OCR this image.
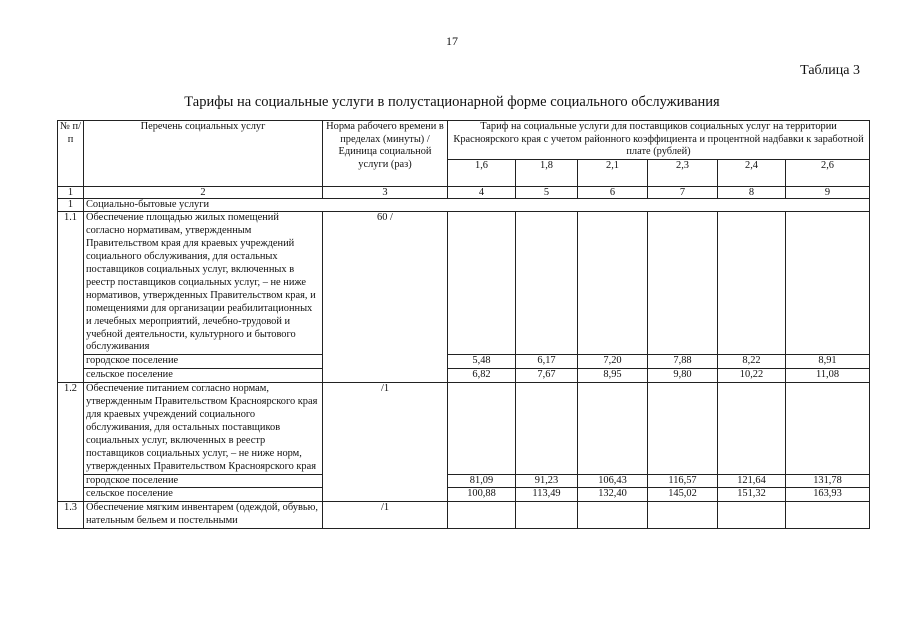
17
Таблица 3
Тарифы на социальные услуги в полустационарной форме социального обслуживания
№ п/п	Перечень социальных услуг	Норма рабочего времени в пределах (минуты) / Единица социальной услуги (раз)	Тариф на социальные услуги для поставщиков социальных услуг на территории Красноярского края с учетом районного коэффициента и процентной надбавки к заработной плате (рублей)					
			1,6	1,8	2,1	2,3	2,4	2,6
1	2	3	4	5	6	7	8	9
1	Социально-бытовые услуги							
1.1	Обеспечение площадью жилых помещений согласно нормативам, утвержденным Правительством края для краевых учреждений социального обслуживания, для остальных поставщиков социальных услуг, включенных в реестр поставщиков социальных услуг, – не ниже нормативов, утвержденных Правительством края, и помещениями для организации реабилитационных и лечебных мероприятий, лечебно-трудовой и учебной деятельности, культурного и бытового обслуживания	60 /						
	городское поселение		5,48	6,17	7,20	7,88	8,22	8,91
	сельское поселение		6,82	7,67	8,95	9,80	10,22	11,08
1.2	Обеспечение питанием согласно нормам, утвержденным Правительством Красноярского края для краевых учреждений социального обслуживания, для остальных поставщиков социальных услуг, включенных в реестр поставщиков социальных услуг, – не ниже норм, утвержденных Правительством Красноярского края	/1						
	городское поселение		81,09	91,23	106,43	116,57	121,64	131,78
	сельское поселение		100,88	113,49	132,40	145,02	151,32	163,93
1.3	Обеспечение мягким инвентарем (одеждой, обувью, нательным бельем и постельными	/1						
